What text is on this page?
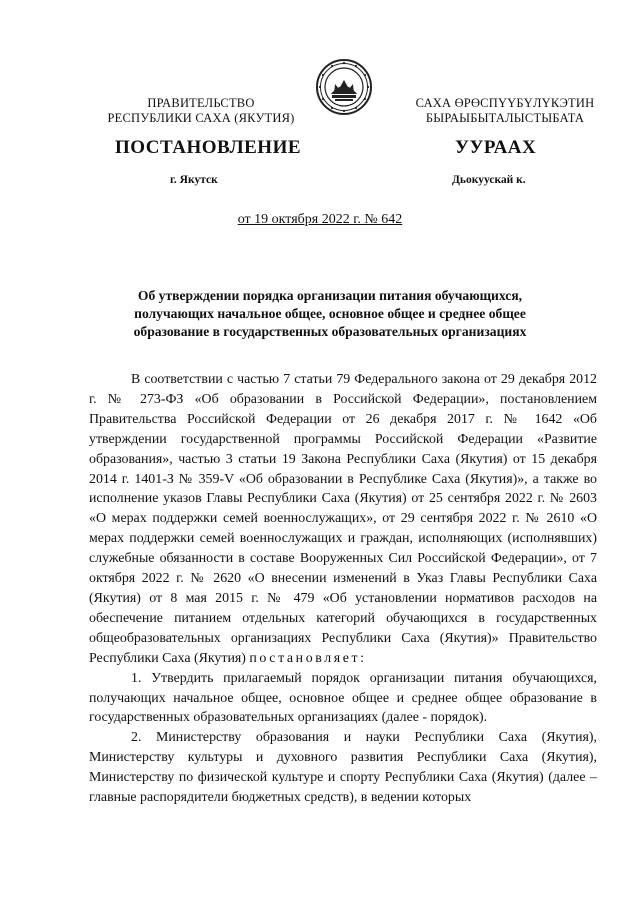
ПРАВИТЕЛЬСТВО
РЕСПУБЛИКИ САХА (ЯКУТИЯ)
САХА ӨРӨСПҮҮБҮЛҮКЭТИН
БЫРАЫБЫТАЛЫСТЫБАТА
ПОСТАНОВЛЕНИЕ	УУРААХ
г. Якутск	Дьокуускай к.
от 19 октября 2022 г. № 642
Об утверждении порядка организации питания обучающихся, получающих начальное общее, основное общее и среднее общее образование в государственных образовательных организациях

В соответствии с частью 7 статьи 79 Федерального закона от 29 декабря 2012 г. № 273-ФЗ «Об образовании в Российской Федерации», постановлением Правительства Российской Федерации от 26 декабря 2017 г. № 1642 «Об утверждении государственной программы Российской Федерации «Развитие образования», частью 3 статьи 19 Закона Республики Саха (Якутия) от 15 декабря 2014 г. 1401-З № 359-V «Об образовании в Республике Саха (Якутия)», а также во исполнение указов Главы Республики Саха (Якутия) от 25 сентября 2022 г. № 2603 «О мерах поддержки семей военнослужащих», от 29 сентября 2022 г. № 2610 «О мерах поддержки семей военнослужащих и граждан, исполняющих (исполнявших) служебные обязанности в составе Вооруженных Сил Российской Федерации», от 7 октября 2022 г. № 2620 «О внесении изменений в Указ Главы Республики Саха (Якутия) от 8 мая 2015 г. № 479 «Об установлении нормативов расходов на обеспечение питанием отдельных категорий обучающихся в государственных общеобразовательных организациях Республики Саха (Якутия)» Правительство Республики Саха (Якутия) постановляет:

1. Утвердить прилагаемый порядок организации питания обучающихся, получающих начальное общее, основное общее и среднее общее образование в государственных образовательных организациях (далее - порядок).

2. Министерству образования и науки Республики Саха (Якутия), Министерству культуры и духовного развития Республики Саха (Якутия), Министерству по физической культуре и спорту Республики Саха (Якутия) (далее – главные распорядители бюджетных средств), в ведении которых
